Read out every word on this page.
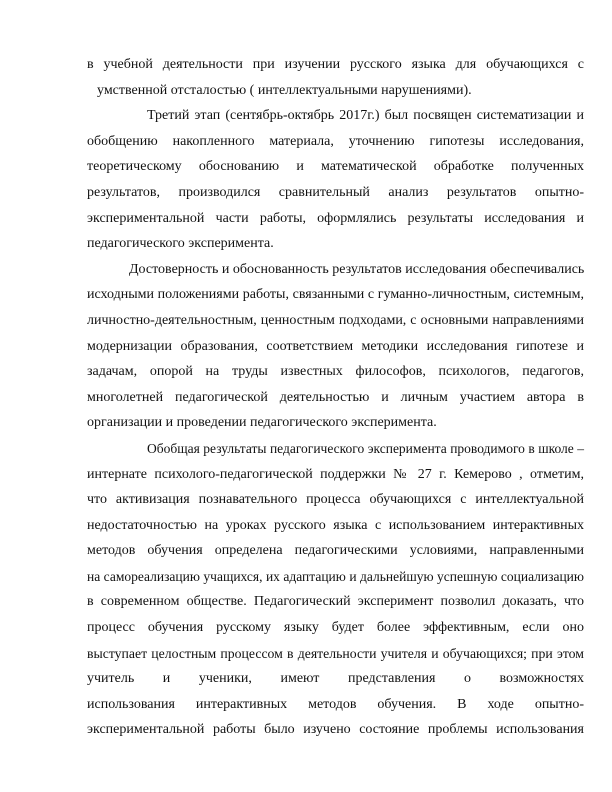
в учебной деятельности при изучении русского языка для обучающихся с
умственной отсталостью ( интеллектуальными нарушениями).
Третий этап (сентябрь-октябрь 2017г.) был посвящен систематизации и
обобщению накопленного материала, уточнению гипотезы исследования,
теоретическому обоснованию и математической обработке полученных
результатов, производился сравнительный анализ результатов опытно-
экспериментальной части работы, оформлялись результаты исследования и
педагогического эксперимента.
Достоверность и обоснованность результатов исследования обеспечивались
исходными положениями работы, связанными с гуманно-личностным, системным,
личностно-деятельностным, ценностным подходами, с основными направлениями
модернизации образования, соответствием методики исследования гипотезе и
задачам, опорой на труды известных философов, психологов, педагогов,
многолетней педагогической деятельностью и личным участием автора в
организации и проведении педагогического эксперимента.
Обобщая результаты педагогического эксперимента проводимого в школе –
интернате психолого-педагогической поддержки № 27 г. Кемерово , отметим,
что активизация познавательного процесса обучающихся с интеллектуальной
недостаточностью на уроках русского языка с использованием интерактивных
методов обучения определена педагогическими условиями, направленными
на самореализацию учащихся, их адаптацию и дальнейшую успешную социализацию
в современном обществе. Педагогический эксперимент позволил доказать, что
процесс обучения русскому языку будет более эффективным, если оно
выступает целостным процессом в деятельности учителя и обучающихся; при этом
учитель и ученики, имеют представления о возможностях
использования интерактивных методов обучения. В ходе опытно-
экспериментальной работы было изучено состояние проблемы использования
